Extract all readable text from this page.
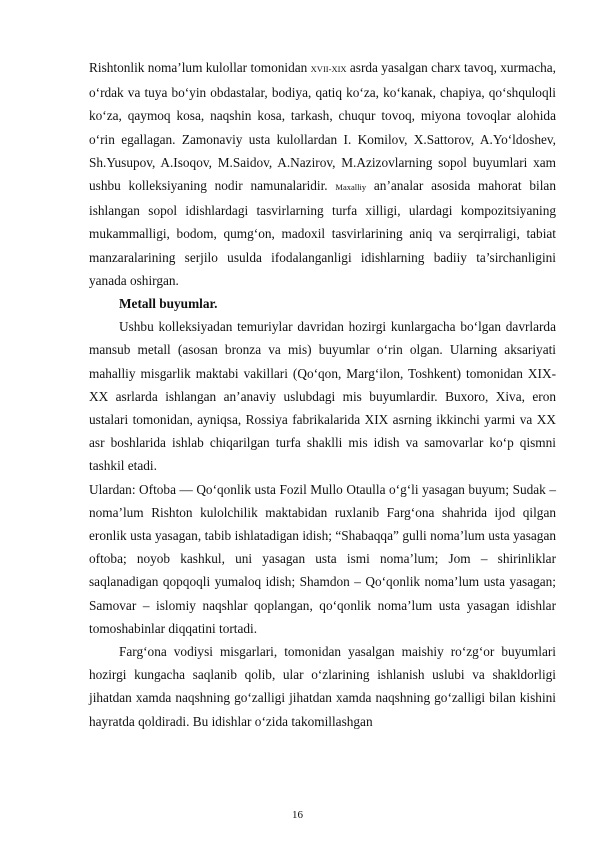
Rishtonlik noma’lum kulollar tomonidan XVII-XIX asrda yasalgan charx tavoq, xurmacha, o‘rdak va tuya bo‘yin obdastalar, bodiya, qatiq ko‘za, ko‘kanak, chapiya, qo‘shquloqli ko‘za, qaymoq kosa, naqshin kosa, tarkash, chuqur tovoq, miyona tovoqlar alohida o‘rin egallagan. Zamonaviy usta kulollardan I. Komilov, X.Sattorov, A.Yo‘ldoshev, Sh.Yusupov, A.Isoqov, M.Saidov, A.Nazirov, M.Azizovlarning sopol buyumlari xam ushbu kolleksiyaning nodir namunalaridir. Maxalliy an’analar asosida mahorat bilan ishlangan sopol idishlardagi tasvirlarning turfa xilligi, ulardagi kompozitsiyaning mukammalligi, bodom, qumg‘on, madoxil tasvirlarining aniq va serqirraligi, tabiat manzaralarining serjilo usulda ifodalanganligi idishlarning badiiy ta’sirchanligini yanada oshirgan.

Metall buyumlar.

Ushbu kolleksiyadan temuriylar davridan hozirgi kunlargacha bo‘lgan davrlarda mansub metall (asosan bronza va mis) buyumlar o‘rin olgan. Ularning aksariyati mahalliy misgarlik maktabi vakillari (Qo‘qon, Marg‘ilon, Toshkent) tomonidan XIX-XX asrlarda ishlangan an’anaviy uslubdagi mis buyumlardir. Buxoro, Xiva, eron ustalari tomonidan, ayniqsa, Rossiya fabrikalarida XIX asrning ikkinchi yarmi va XX asr boshlarida ishlab chiqarilgan turfa shaklli mis idish va samovarlar ko‘p qismni tashkil etadi.

Ulardan: Oftoba — Qo‘qonlik usta Fozil Mullo Otaulla o‘g‘li yasagan buyum; Sudak – noma’lum Rishton kulolchilik maktabidan ruxlanib Farg‘ona shahrida ijod qilgan eronlik usta yasagan, tabib ishlatadigan idish; “Shabaqqa” gulli noma’lum usta yasagan oftoba; noyob kashkul, uni yasagan usta ismi noma’lum; Jom – shirinliklar saqlanadigan qopqoqli yumaloq idish; Shamdon – Qo‘qonlik noma’lum usta yasagan; Samovar – islomiy naqshlar qoplangan, qo‘qonlik noma’lum usta yasagan idishlar tomoshabinlar diqqatini tortadi.

Farg‘ona vodiysi misgarlari, tomonidan yasalgan maishiy ro‘zg‘or buyumlari hozirgi kungacha saqlanib qolib, ular o‘zlarining ishlanish uslubi va shakldorligi jihatdan xamda naqshning go‘zalligi jihatdan xamda naqshning go‘zalligi bilan kishini hayratda qoldiradi. Bu idishlar o‘zida takomillashgan

16
